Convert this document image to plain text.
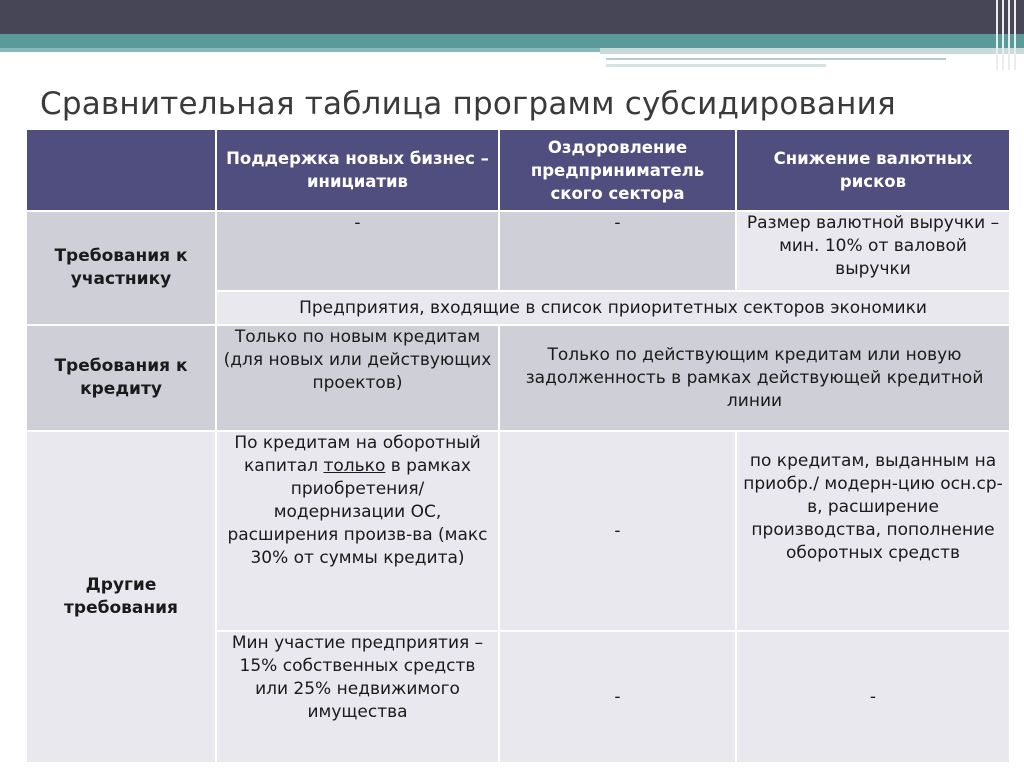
Сравнительная таблица программ субсидирования
	Поддержка новых бизнес – инициатив	Оздоровление предприниматель ского сектора	Снижение валютных рисков
Требования к участнику	-	-	Размер валютной выручки – мин. 10% от валовой выручки
	Предприятия, входящие в список приоритетных секторов экономики		
Требования к кредиту	Только по новым кредитам (для новых или действующих проектов)	Только по действующим кредитам или новую задолженность в рамках действующей кредитной линии	
Другие требования	По кредитам на оборотный капитал только в рамках приобретения/ модернизации ОС, расширения произв-ва (макс 30% от суммы кредита)	-	по кредитам, выданным на приобр./ модерн-цию осн.ср-в, расширение производства, пополнение оборотных средств
	Мин участие предприятия – 15% собственных средств или 25% недвижимого имущества	-	-
